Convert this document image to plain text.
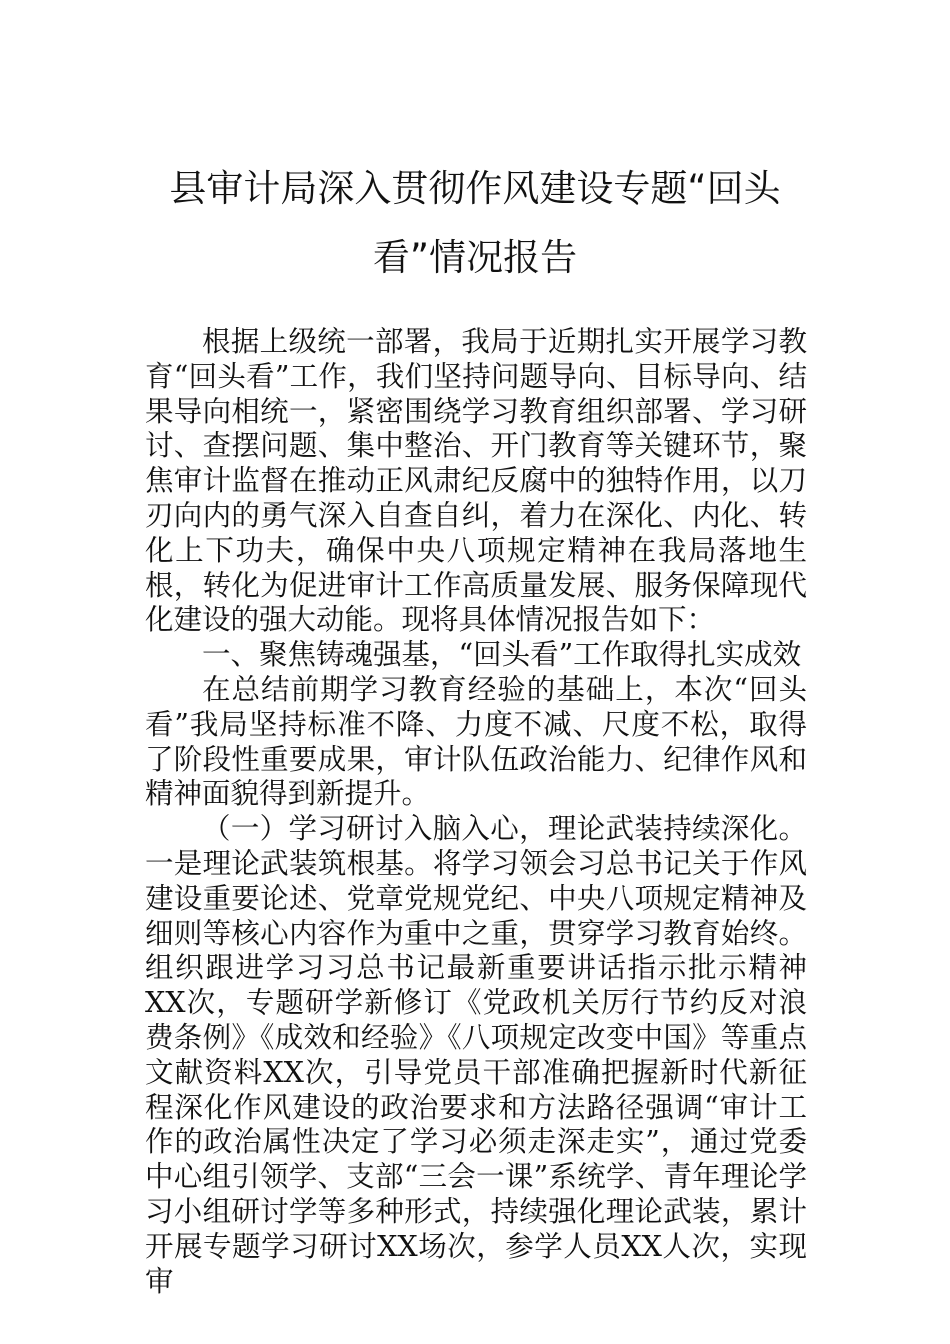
县审计局深入贯彻作风建设专题“回头
看”情况报告

根据上级统一部署，我局于近期扎实开展学习教育“回头看”工作，我们坚持问题导向、目标导向、结果导向相统一，紧密围绕学习教育组织部署、学习研讨、查摆问题、集中整治、开门教育等关键环节，聚焦审计监督在推动正风肃纪反腐中的独特作用，以刀刃向内的勇气深入自查自纠，着力在深化、内化、转化上下功夫，确保中央八项规定精神在我局落地生根，转化为促进审计工作高质量发展、服务保障现代化建设的强大动能。现将具体情况报告如下：

一、聚焦铸魂强基，“回头看”工作取得扎实成效

在总结前期学习教育经验的基础上，本次“回头看”我局坚持标准不降、力度不减、尺度不松，取得了阶段性重要成果，审计队伍政治能力、纪律作风和精神面貌得到新提升。

（一）学习研讨入脑入心，理论武装持续深化。一是理论武装筑根基。将学习领会习总书记关于作风建设重要论述、党章党规党纪、中央八项规定精神及细则等核心内容作为重中之重，贯穿学习教育始终。组织跟进学习习总书记最新重要讲话指示批示精神XX次，专题研学新修订《党政机关厉行节约反对浪费条例》《成效和经验》《八项规定改变中国》等重点文献资料XX次，引导党员干部准确把握新时代新征程深化作风建设的政治要求和方法路径强调“审计工作的政治属性决定了学习必须走深走实”，通过党委中心组引领学、支部“三会一课”系统学、青年理论学习小组研讨学等多种形式，持续强化理论武装，累计开展专题学习研讨XX场次，参学人员XX人次，实现审
